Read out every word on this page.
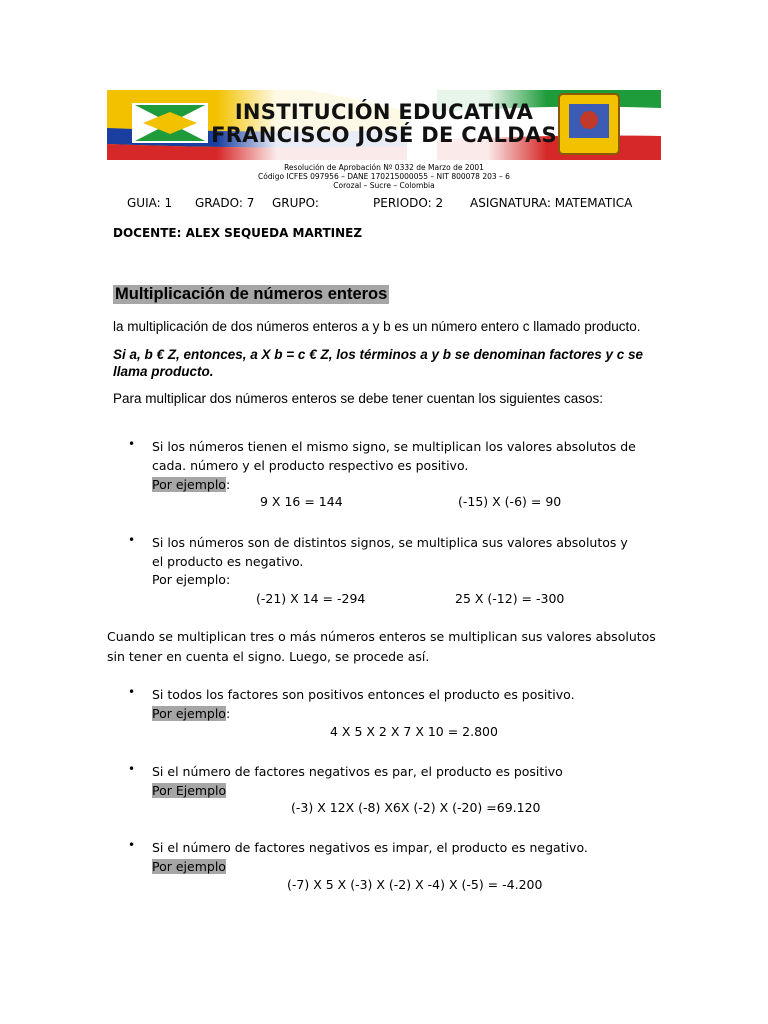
INSTITUCIÓN EDUCATIVA
FRANCISCO JOSÉ DE CALDAS
Resolución de Aprobación Nº 0332 de Marzo de 2001
Código ICFES 097956 – DANE 170215000055 – NIT 800078 203 – 6
Corozal – Sucre – Colombia
GUIA: 1 GRADO: 7 GRUPO:	PERIODO: 2 ASIGNATURA: MATEMATICA
DOCENTE: ALEX SEQUEDA MARTINEZ
Multiplicación de números enteros
la multiplicación de dos números enteros a y b es un número entero c llamado producto.
Si a, b € Z, entonces, a X b = c € Z, los términos a y b se denominan factores y c se llama producto.
Para multiplicar dos números enteros se debe tener cuentan los siguientes casos:
• Si los números tienen el mismo signo, se multiplican los valores absolutos de cada. número y el producto respectivo es positivo.
Por ejemplo:
9 X 16 = 144	(-15) X (-6) = 90
• Si los números son de distintos signos, se multiplica sus valores absolutos y el producto es negativo.
Por ejemplo:
(-21) X 14 = -294	25 X (-12) = -300
Cuando se multiplican tres o más números enteros se multiplican sus valores absolutos sin tener en cuenta el signo. Luego, se procede así.
• Si todos los factores son positivos entonces el producto es positivo.
Por ejemplo:
4 X 5 X 2 X 7 X 10 = 2.800
• Si el número de factores negativos es par, el producto es positivo
Por Ejemplo
(-3) X 12X (-8) X6X (-2) X (-20) =69.120
• Si el número de factores negativos es impar, el producto es negativo.
Por ejemplo
(-7) X 5 X (-3) X (-2) X -4) X (-5) = -4.200
